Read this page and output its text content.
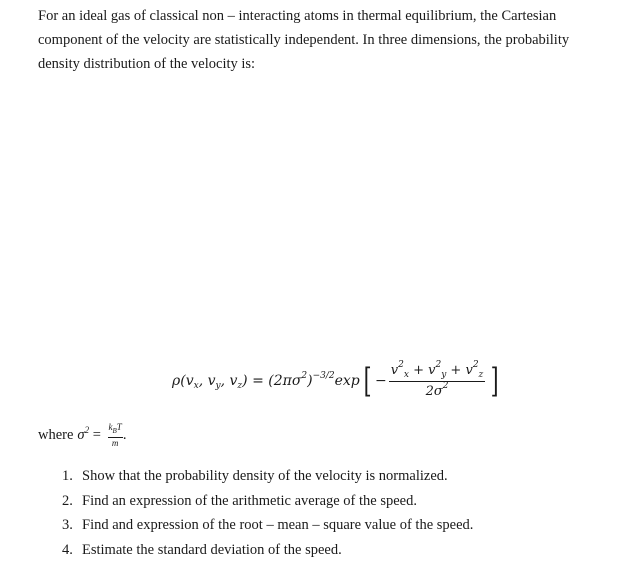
For an ideal gas of classical non – interacting atoms in thermal equilibrium, the Cartesian component of the velocity are statistically independent. In three dimensions, the probability density distribution of the velocity is:

$\rho(v_x$, $v_y$, $v_z) = (2\pi\sigma^2)^{-3/2}\exp$ [ − $\frac{v^2_x + v^2_y + v^2_z}{2\sigma^2}$ ]
where $\sigma^2 = \frac{k_BT}{m}$ .
1. Show that the probability density of the velocity is normalized.
2. Find an expression of the arithmetic average of the speed.
3. Find and expression of the root – mean – square value of the speed.
4. Estimate the standard deviation of the speed.
